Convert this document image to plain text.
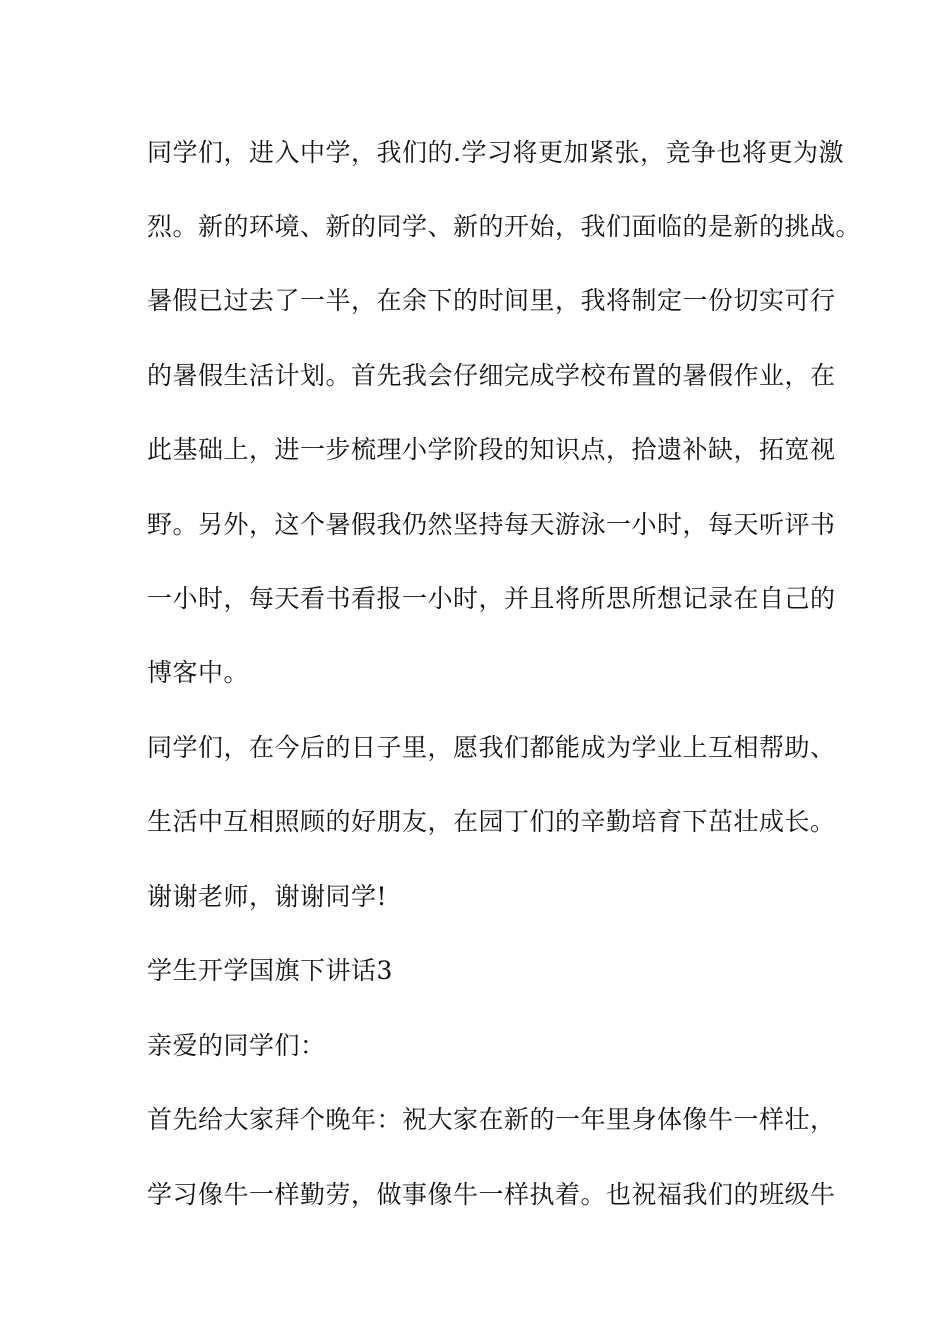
同学们，进入中学，我们的.学习将更加紧张，竞争也将更为激
烈。新的环境、新的同学、新的开始，我们面临的是新的挑战。
暑假已过去了一半，在余下的时间里，我将制定一份切实可行
的暑假生活计划。首先我会仔细完成学校布置的暑假作业，在
此基础上，进一步梳理小学阶段的知识点，拾遗补缺，拓宽视
野。另外，这个暑假我仍然坚持每天游泳一小时，每天听评书
一小时，每天看书看报一小时，并且将所思所想记录在自己的
博客中。
同学们，在今后的日子里，愿我们都能成为学业上互相帮助、
生活中互相照顾的好朋友，在园丁们的辛勤培育下茁壮成长。
谢谢老师，谢谢同学!
学生开学国旗下讲话3
亲爱的同学们：
首先给大家拜个晚年：祝大家在新的一年里身体像牛一样壮，
学习像牛一样勤劳，做事像牛一样执着。也祝福我们的班级牛
